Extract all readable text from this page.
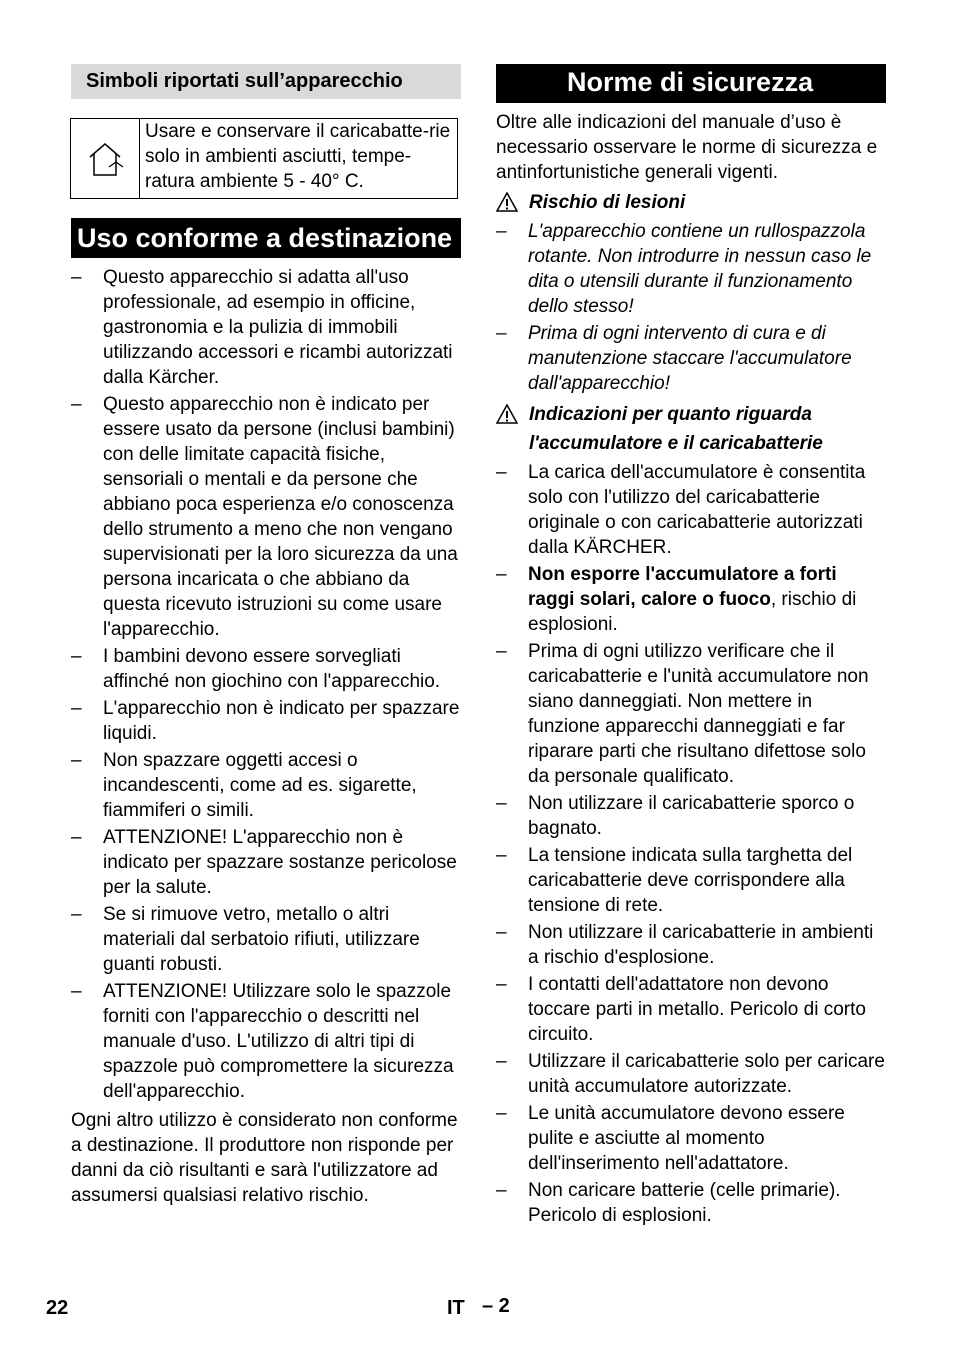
Simboli riportati sull’apparecchio
Usare e conservare il caricabatte-rie solo in ambienti asciutti, tempe-ratura ambiente 5 - 40° C.
Uso conforme a destinazione
– Questo apparecchio si adatta all'uso professionale, ad esempio in officine, gastronomia e la pulizia di immobili utilizzando accessori e ricambi autorizzati dalla Kärcher.
– Questo apparecchio non è indicato per essere usato da persone (inclusi bambini) con delle limitate capacità fisiche, sensoriali o mentali e da persone che abbiano poca esperienza e/o conoscenza dello strumento a meno che non vengano supervisionati per la loro sicurezza da una persona incaricata o che abbiano da questa ricevuto istruzioni su come usare l'apparecchio.
– I bambini devono essere sorvegliati affinché non giochino con l'apparecchio.
– L'apparecchio non è indicato per spazzare liquidi.
– Non spazzare oggetti accesi o incandescenti, come ad es. sigarette, fiammiferi o simili.
– ATTENZIONE! L'apparecchio non è indicato per spazzare sostanze pericolose per la salute.
– Se si rimuove vetro, metallo o altri materiali dal serbatoio rifiuti, utilizzare guanti robusti.
– ATTENZIONE! Utilizzare solo le spazzole forniti con l'apparecchio o descritti nel manuale d'uso. L'utilizzo di altri tipi di spazzole può compromettere la sicurezza dell'apparecchio.

Ogni altro utilizzo è considerato non conforme a destinazione. Il produttore non risponde per danni da ciò risultanti e sarà l'utilizzatore ad assumersi qualsiasi relativo rischio.

Norme di sicurezza

Oltre alle indicazioni del manuale d’uso è necessario osservare le norme di sicurezza e antinfortunistiche generali vigenti.

Rischio di lesioni
– L'apparecchio contiene un rullospazzola rotante. Non introdurre in nessun caso le dita o utensili durante il funzionamento dello stesso!
– Prima di ogni intervento di cura e di manutenzione staccare l'accumulatore dall'apparecchio!
Indicazioni per quanto riguarda l'accumulatore e il caricabatterie
– La carica dell'accumulatore è consentita solo con l'utilizzo del caricabatterie originale o con caricabatterie autorizzati dalla KÄRCHER.
– Non esporre l'accumulatore a forti raggi solari, calore o fuoco, rischio di esplosioni.
– Prima di ogni utilizzo verificare che il caricabatterie e l'unità accumulatore non siano danneggiati. Non mettere in funzione apparecchi danneggiati e far riparare parti che risultano difettose solo da personale qualificato.
– Non utilizzare il caricabatterie sporco o bagnato.
– La tensione indicata sulla targhetta del caricabatterie deve corrispondere alla tensione di rete.
– Non utilizzare il caricabatterie in ambienti a rischio d'esplosione.
– I contatti dell'adattatore non devono toccare parti in metallo. Pericolo di corto circuito.
– Utilizzare il caricabatterie solo per caricare unità accumulatore autorizzate.
– Le unità accumulatore devono essere pulite e asciutte al momento dell'inserimento nell'adattatore.
– Non caricare batterie (celle primarie). Pericolo di esplosioni.
22	IT – 2
